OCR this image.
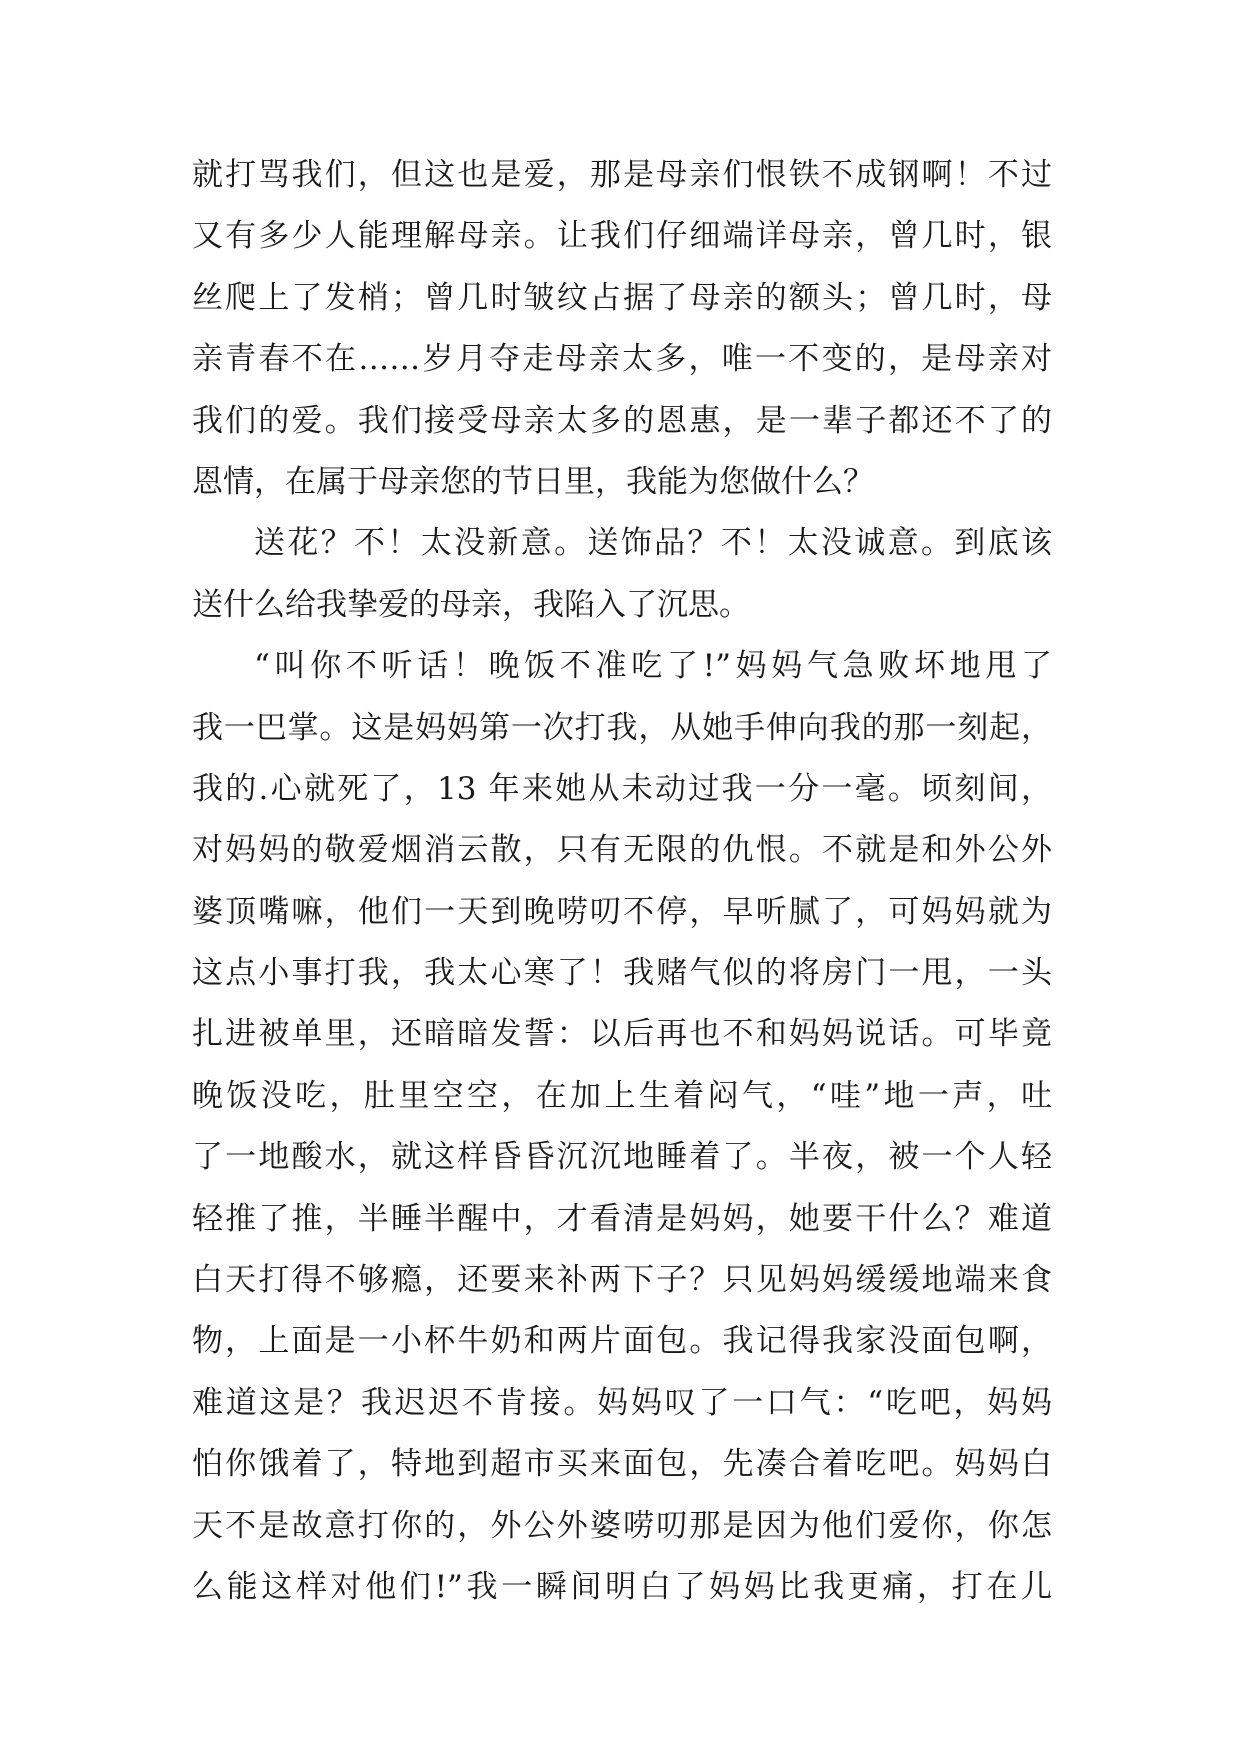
就打骂我们，但这也是爱，那是母亲们恨铁不成钢啊！不过
又有多少人能理解母亲。让我们仔细端详母亲，曾几时，银
丝爬上了发梢；曾几时皱纹占据了母亲的额头；曾几时，母
亲青春不在……岁月夺走母亲太多，唯一不变的，是母亲对
我们的爱。我们接受母亲太多的恩惠，是一辈子都还不了的
恩情，在属于母亲您的节日里，我能为您做什么？
送花？不！太没新意。送饰品？不！太没诚意。到底该
送什么给我挚爱的母亲，我陷入了沉思。
“叫你不听话！晚饭不准吃了!”妈妈气急败坏地甩了
我一巴掌。这是妈妈第一次打我，从她手伸向我的那一刻起，
我的.心就死了，13 年来她从未动过我一分一毫。顷刻间，
对妈妈的敬爱烟消云散，只有无限的仇恨。不就是和外公外
婆顶嘴嘛，他们一天到晚唠叨不停，早听腻了，可妈妈就为
这点小事打我，我太心寒了！我赌气似的将房门一甩，一头
扎进被单里，还暗暗发誓：以后再也不和妈妈说话。可毕竟
晚饭没吃，肚里空空，在加上生着闷气，“哇”地一声，吐
了一地酸水，就这样昏昏沉沉地睡着了。半夜，被一个人轻
轻推了推，半睡半醒中，才看清是妈妈，她要干什么？难道
白天打得不够瘾，还要来补两下子？只见妈妈缓缓地端来食
物，上面是一小杯牛奶和两片面包。我记得我家没面包啊，
难道这是？我迟迟不肯接。妈妈叹了一口气：“吃吧，妈妈
怕你饿着了，特地到超市买来面包，先凑合着吃吧。妈妈白
天不是故意打你的，外公外婆唠叨那是因为他们爱你，你怎
么能这样对他们!”我一瞬间明白了妈妈比我更痛，打在儿
